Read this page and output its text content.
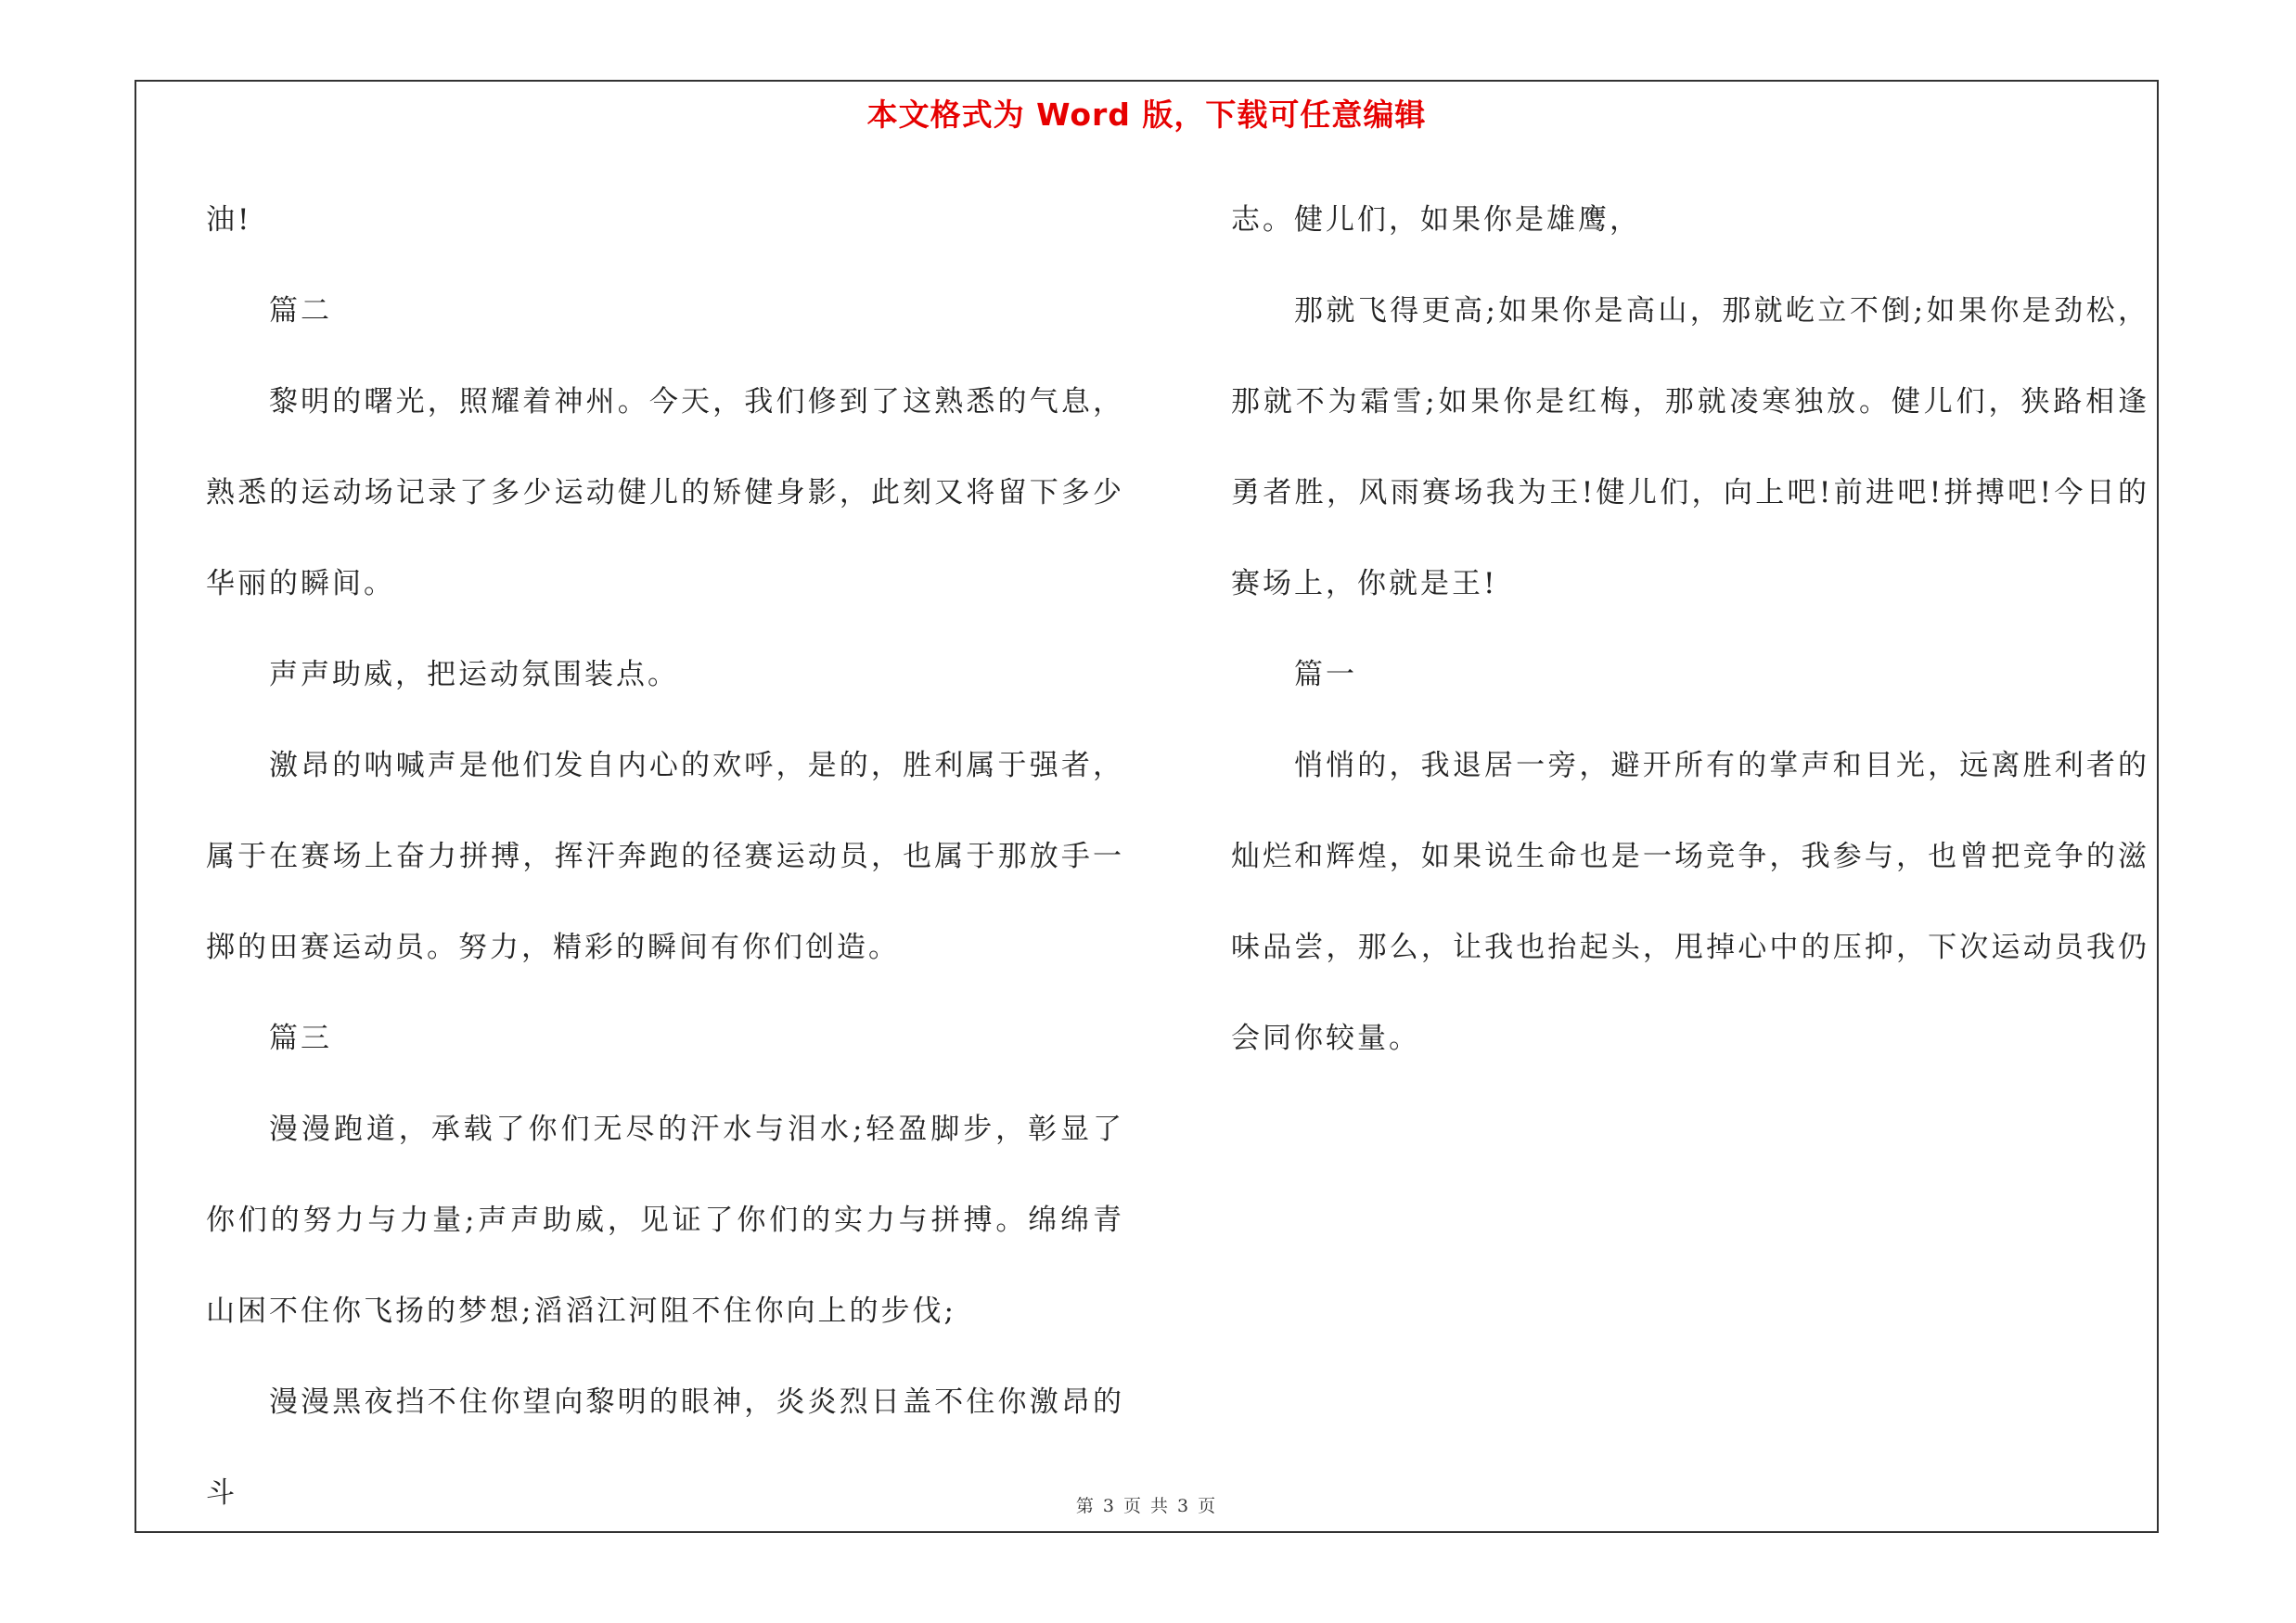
本文格式为 Word 版，下载可任意编辑

油!

篇二

黎明的曙光，照耀着神州。今天，我们修到了这熟悉的气息，熟悉的运动场记录了多少运动健儿的矫健身影，此刻又将留下多少华丽的瞬间。

声声助威，把运动氛围装点。

激昂的呐喊声是他们发自内心的欢呼，是的，胜利属于强者，属于在赛场上奋力拼搏，挥汗奔跑的径赛运动员，也属于那放手一掷的田赛运动员。努力，精彩的瞬间有你们创造。

篇三

漫漫跑道，承载了你们无尽的汗水与泪水;轻盈脚步，彰显了你们的努力与力量;声声助威，见证了你们的实力与拼搏。绵绵青山困不住你飞扬的梦想;滔滔江河阻不住你向上的步伐;

漫漫黑夜挡不住你望向黎明的眼神，炎炎烈日盖不住你激昂的斗

志。健儿们，如果你是雄鹰，

那就飞得更高;如果你是高山，那就屹立不倒;如果你是劲松，那就不为霜雪;如果你是红梅，那就凌寒独放。健儿们，狭路相逢勇者胜，风雨赛场我为王!健儿们，向上吧!前进吧!拼搏吧!今日的赛场上，你就是王!

篇一

悄悄的，我退居一旁，避开所有的掌声和目光，远离胜利者的灿烂和辉煌，如果说生命也是一场竞争，我参与，也曾把竞争的滋味品尝，那么，让我也抬起头，甩掉心中的压抑，下次运动员我仍会同你较量。

第 3 页 共 3 页
